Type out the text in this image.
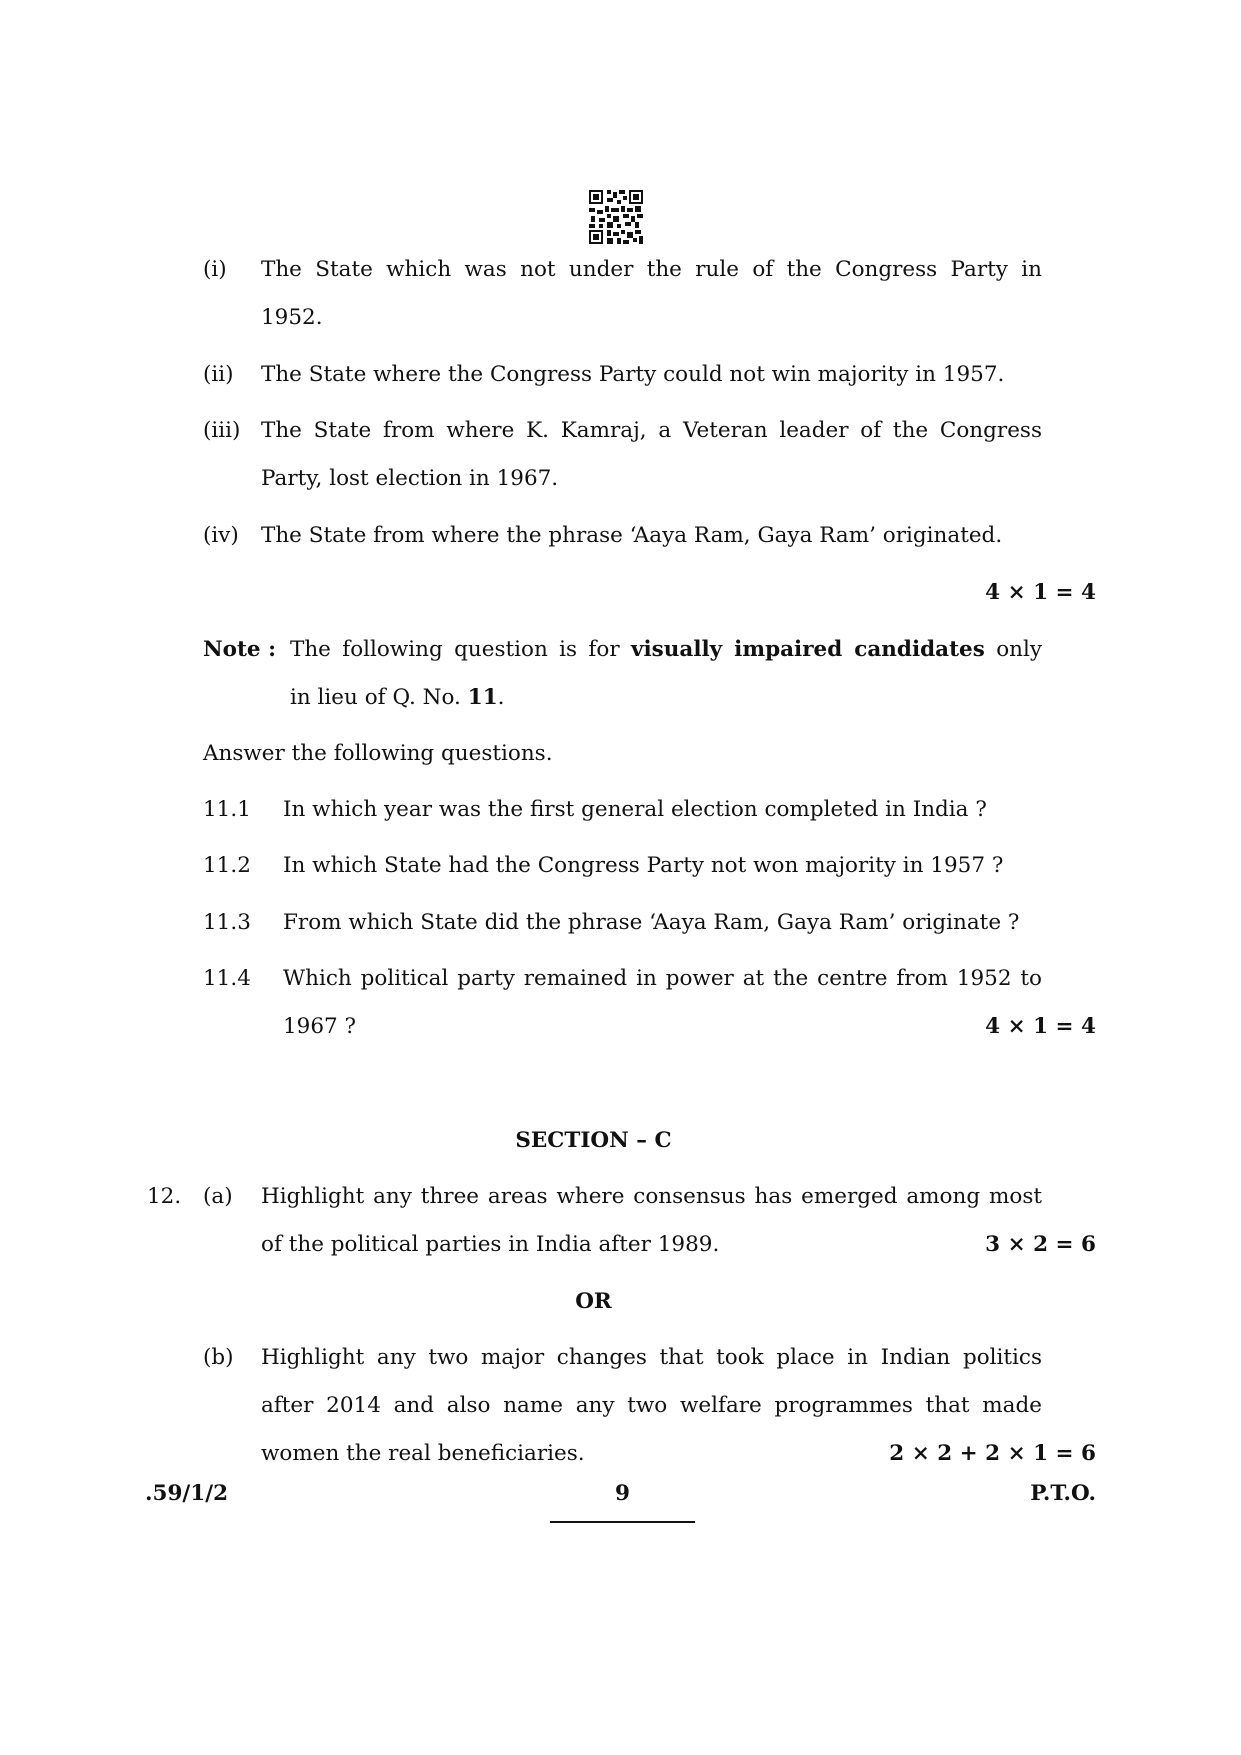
(i) The State which was not under the rule of the Congress Party in
1952.
(ii) The State where the Congress Party could not win majority in 1957.
(iii) The State from where K. Kamraj, a Veteran leader of the Congress
Party, lost election in 1967.
(iv) The State from where the phrase ‘Aaya Ram, Gaya Ram’ originated.
4 × 1 = 4
Note : The following question is for visually impaired candidates only
in lieu of Q. No. 11.
Answer the following questions.
11.1 In which year was the first general election completed in India ?
11.2 In which State had the Congress Party not won majority in 1957 ?
11.3 From which State did the phrase ‘Aaya Ram, Gaya Ram’ originate ?
11.4 Which political party remained in power at the centre from 1952 to
1967 ?	4 × 1 = 4
SECTION – C
12. (a) Highlight any three areas where consensus has emerged among most
of the political parties in India after 1989.	3 × 2 = 6
OR
(b) Highlight any two major changes that took place in Indian politics
after 2014 and also name any two welfare programmes that made
women the real beneficiaries.	2 × 2 + 2 × 1 = 6
.59/1/2	9	P.T.O.
